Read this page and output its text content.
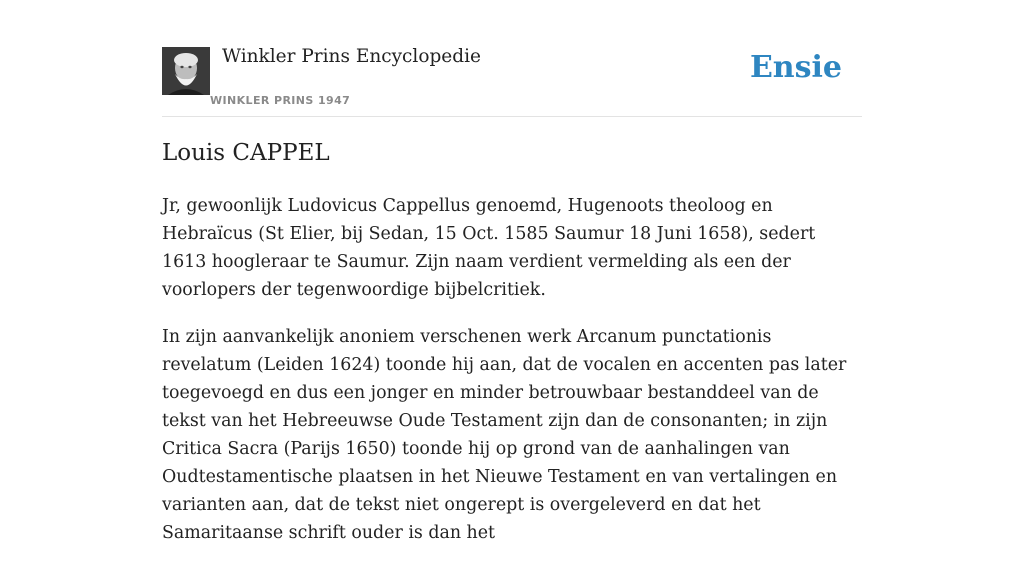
Winkler Prins Encyclopedie
WINKLER PRINS 1947
Ensie
Louis CAPPEL

Jr, gewoonlijk Ludovicus Cappellus genoemd, Hugenoots theoloog en Hebraïcus (St Elier, bij Sedan, 15 Oct. 1585 Saumur 18 Juni 1658), sedert 1613 hoogleraar te Saumur. Zijn naam verdient vermelding als een der voorlopers der tegenwoordige bijbelcritiek.

In zijn aanvankelijk anoniem verschenen werk Arcanum punctationis revelatum (Leiden 1624) toonde hij aan, dat de vocalen en accenten pas later toegevoegd en dus een jonger en minder betrouwbaar bestanddeel van de tekst van het Hebreeuwse Oude Testament zijn dan de consonanten; in zijn Critica Sacra (Parijs 1650) toonde hij op grond van de aanhalingen van Oudtestamentische plaatsen in het Nieuwe Testament en van vertalingen en varianten aan, dat de tekst niet ongerept is overgeleverd en dat het Samaritaanse schrift ouder is dan het
